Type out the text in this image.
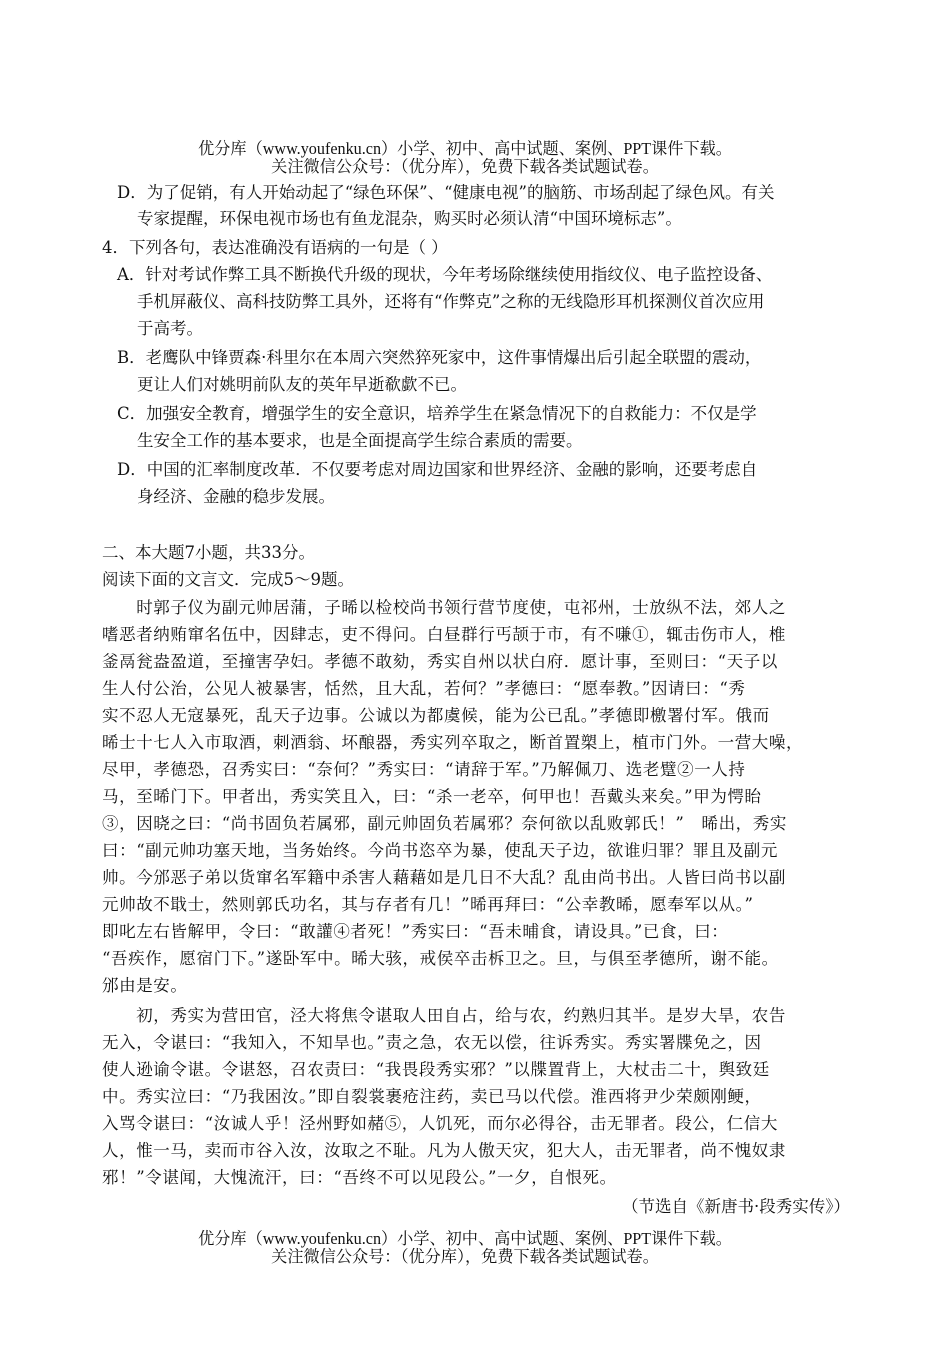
优分库（www.youfenku.cn）小学、初中、高中试题、案例、PPT课件下载。
关注微信公众号：（优分库），免费下载各类试题试卷。
D．为了促销，有人开始动起了“绿色环保”、“健康电视”的脑筋、市场刮起了绿色风。有关
专家提醒，环保电视市场也有鱼龙混杂，购买时必须认清“中国环境标志”。
4．下列各句，表达准确没有语病的一句是（ ）
A．针对考试作弊工具不断换代升级的现状，今年考场除继续使用指纹仪、电子监控设备、
手机屏蔽仪、高科技防弊工具外，还将有“作弊克”之称的无线隐形耳机探测仪首次应用
于高考。
B．老鹰队中锋贾森·科里尔在本周六突然猝死家中，这件事情爆出后引起全联盟的震动，
更让人们对姚明前队友的英年早逝欷歔不已。
C．加强安全教育，增强学生的安全意识，培养学生在紧急情况下的自救能力：不仅是学
生安全工作的基本要求，也是全面提高学生综合素质的需要。
D．中国的汇率制度改革．不仅要考虑对周边国家和世界经济、金融的影响，还要考虑自
身经济、金融的稳步发展。
二、本大题7小题，共33分。
阅读下面的文言文．完成5～9题。
　　时郭子仪为副元帅居蒲，子晞以检校尚书领行营节度使，屯祁州，士放纵不法，郊人之
嗜恶者纳贿窜名伍中，因肆志，吏不得问。白昼群行丐颉于市，有不嗛①，辄击伤市人，椎
釜鬲瓮盎盈道，至撞害孕妇。孝德不敢劾，秀实自州以状白府．愿计事，至则曰：“天子以
生人付公治，公见人被暴害，恬然，且大乱，若何？”孝德曰：“愿奉教。”因请曰：“秀
实不忍人无寇暴死，乱天子边事。公诚以为都虞候，能为公已乱。”孝德即檄署付军。俄而
晞士十七人入市取酒，刺酒翁、坏酿器，秀实列卒取之，断首置槊上，植市门外。一营大噪，
尽甲，孝德恐，召秀实曰：“奈何？”秀实曰：“请辞于军。”乃解佩刀、选老躄②一人持
马，至晞门下。甲者出，秀实笑且入，曰：“杀一老卒，何甲也！吾戴头来矣。”甲为愕眙
③，因晓之曰：“尚书固负若属邪，副元帅固负若属邪？奈何欲以乱败郭氏！”　晞出，秀实
曰：“副元帅功塞天地，当务始终。今尚书恣卒为暴，使乱天子边，欲谁归罪？罪且及副元
帅。今邠恶子弟以货窜名军籍中杀害人藉藉如是几日不大乱？乱由尚书出。人皆曰尚书以副
元帅故不戢士，然则郭氏功名，其与存者有几！”晞再拜曰：“公幸教晞，愿奉军以从。”
即叱左右皆解甲，令曰：“敢讙④者死！”秀实曰：“吾未晡食，请设具。”已食，曰：
“吾疾作，愿宿门下。”遂卧军中。晞大骇，戒侯卒击柝卫之。旦，与俱至孝德所，谢不能。
邠由是安。
　　初，秀实为营田官，泾大将焦令谌取人田自占，给与农，约熟归其半。是岁大旱，农告
无入，令谌曰：“我知入，不知旱也。”责之急，农无以偿，往诉秀实。秀实署牒免之，因
使人逊谕令谌。令谌怒，召农责曰：“我畏段秀实邪？”以牒置背上，大杖击二十，舆致廷
中。秀实泣曰：“乃我困汝。”即自裂裳裹疮注药，卖已马以代偿。淮西将尹少荣颇刚鲠，
入骂令谌曰：“汝诚人乎！泾州野如赭⑤，人饥死，而尔必得谷，击无罪者。段公，仁信大
人，惟一马，卖而市谷入汝，汝取之不耻。凡为人傲天灾，犯大人，击无罪者，尚不愧奴隶
邪！”令谌闻，大愧流汗，曰：“吾终不可以见段公。”一夕，自恨死。
（节选自《新唐书·段秀实传》）
优分库（www.youfenku.cn）小学、初中、高中试题、案例、PPT课件下载。
关注微信公众号：（优分库），免费下载各类试题试卷。
